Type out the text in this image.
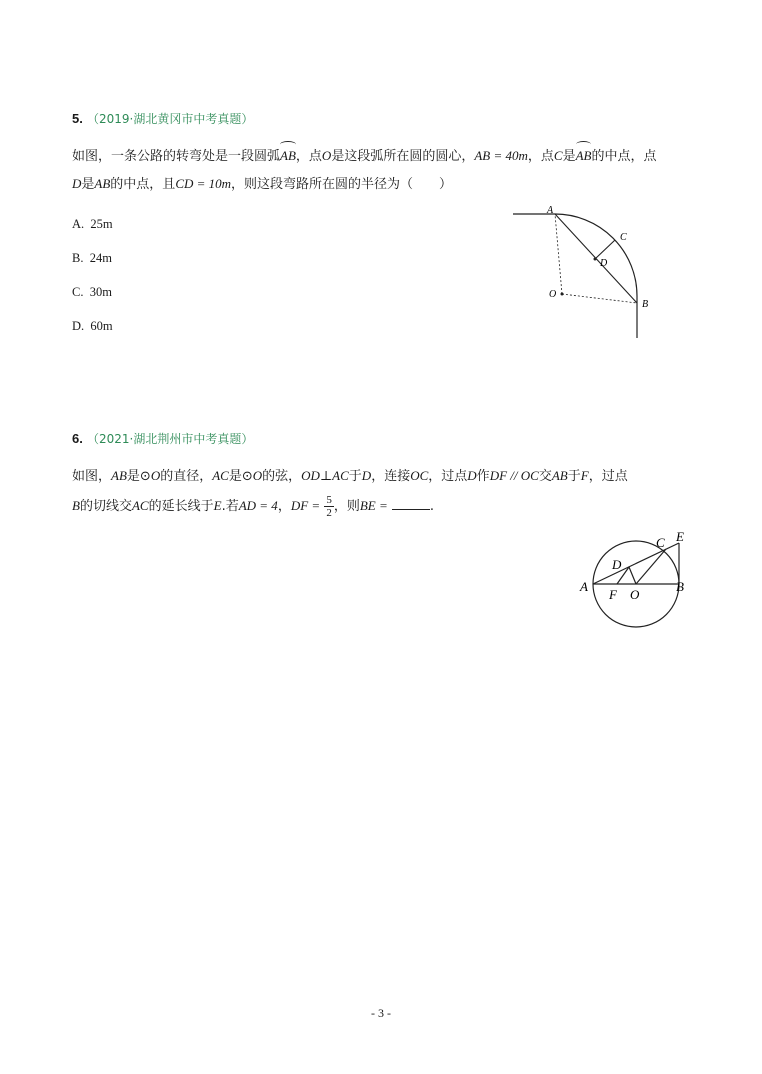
5. （2019·湖北黄冈市中考真题）
如图，一条公路的转弯处是一段圆弧AB，点O是这段弧所在圆的圆心，AB = 40m，点C是AB的中点，点
D是AB的中点，且CD = 10m，则这段弯路所在圆的半径为（　　）
A. 25m
B. 24m
C. 30m
D. 60m
A
C
D
O
B
6. （2021·湖北荆州市中考真题）
如图，AB是⊙O的直径，AC是⊙O的弦，OD⊥AC于D，连接OC，过点D作DF // OC交AB于F，过点
B的切线交AC的延长线于E.若AD = 4，DF = $\frac{5}{2}$ ，则BE =	.
A	B
C
D
E
F O
- 3 -
